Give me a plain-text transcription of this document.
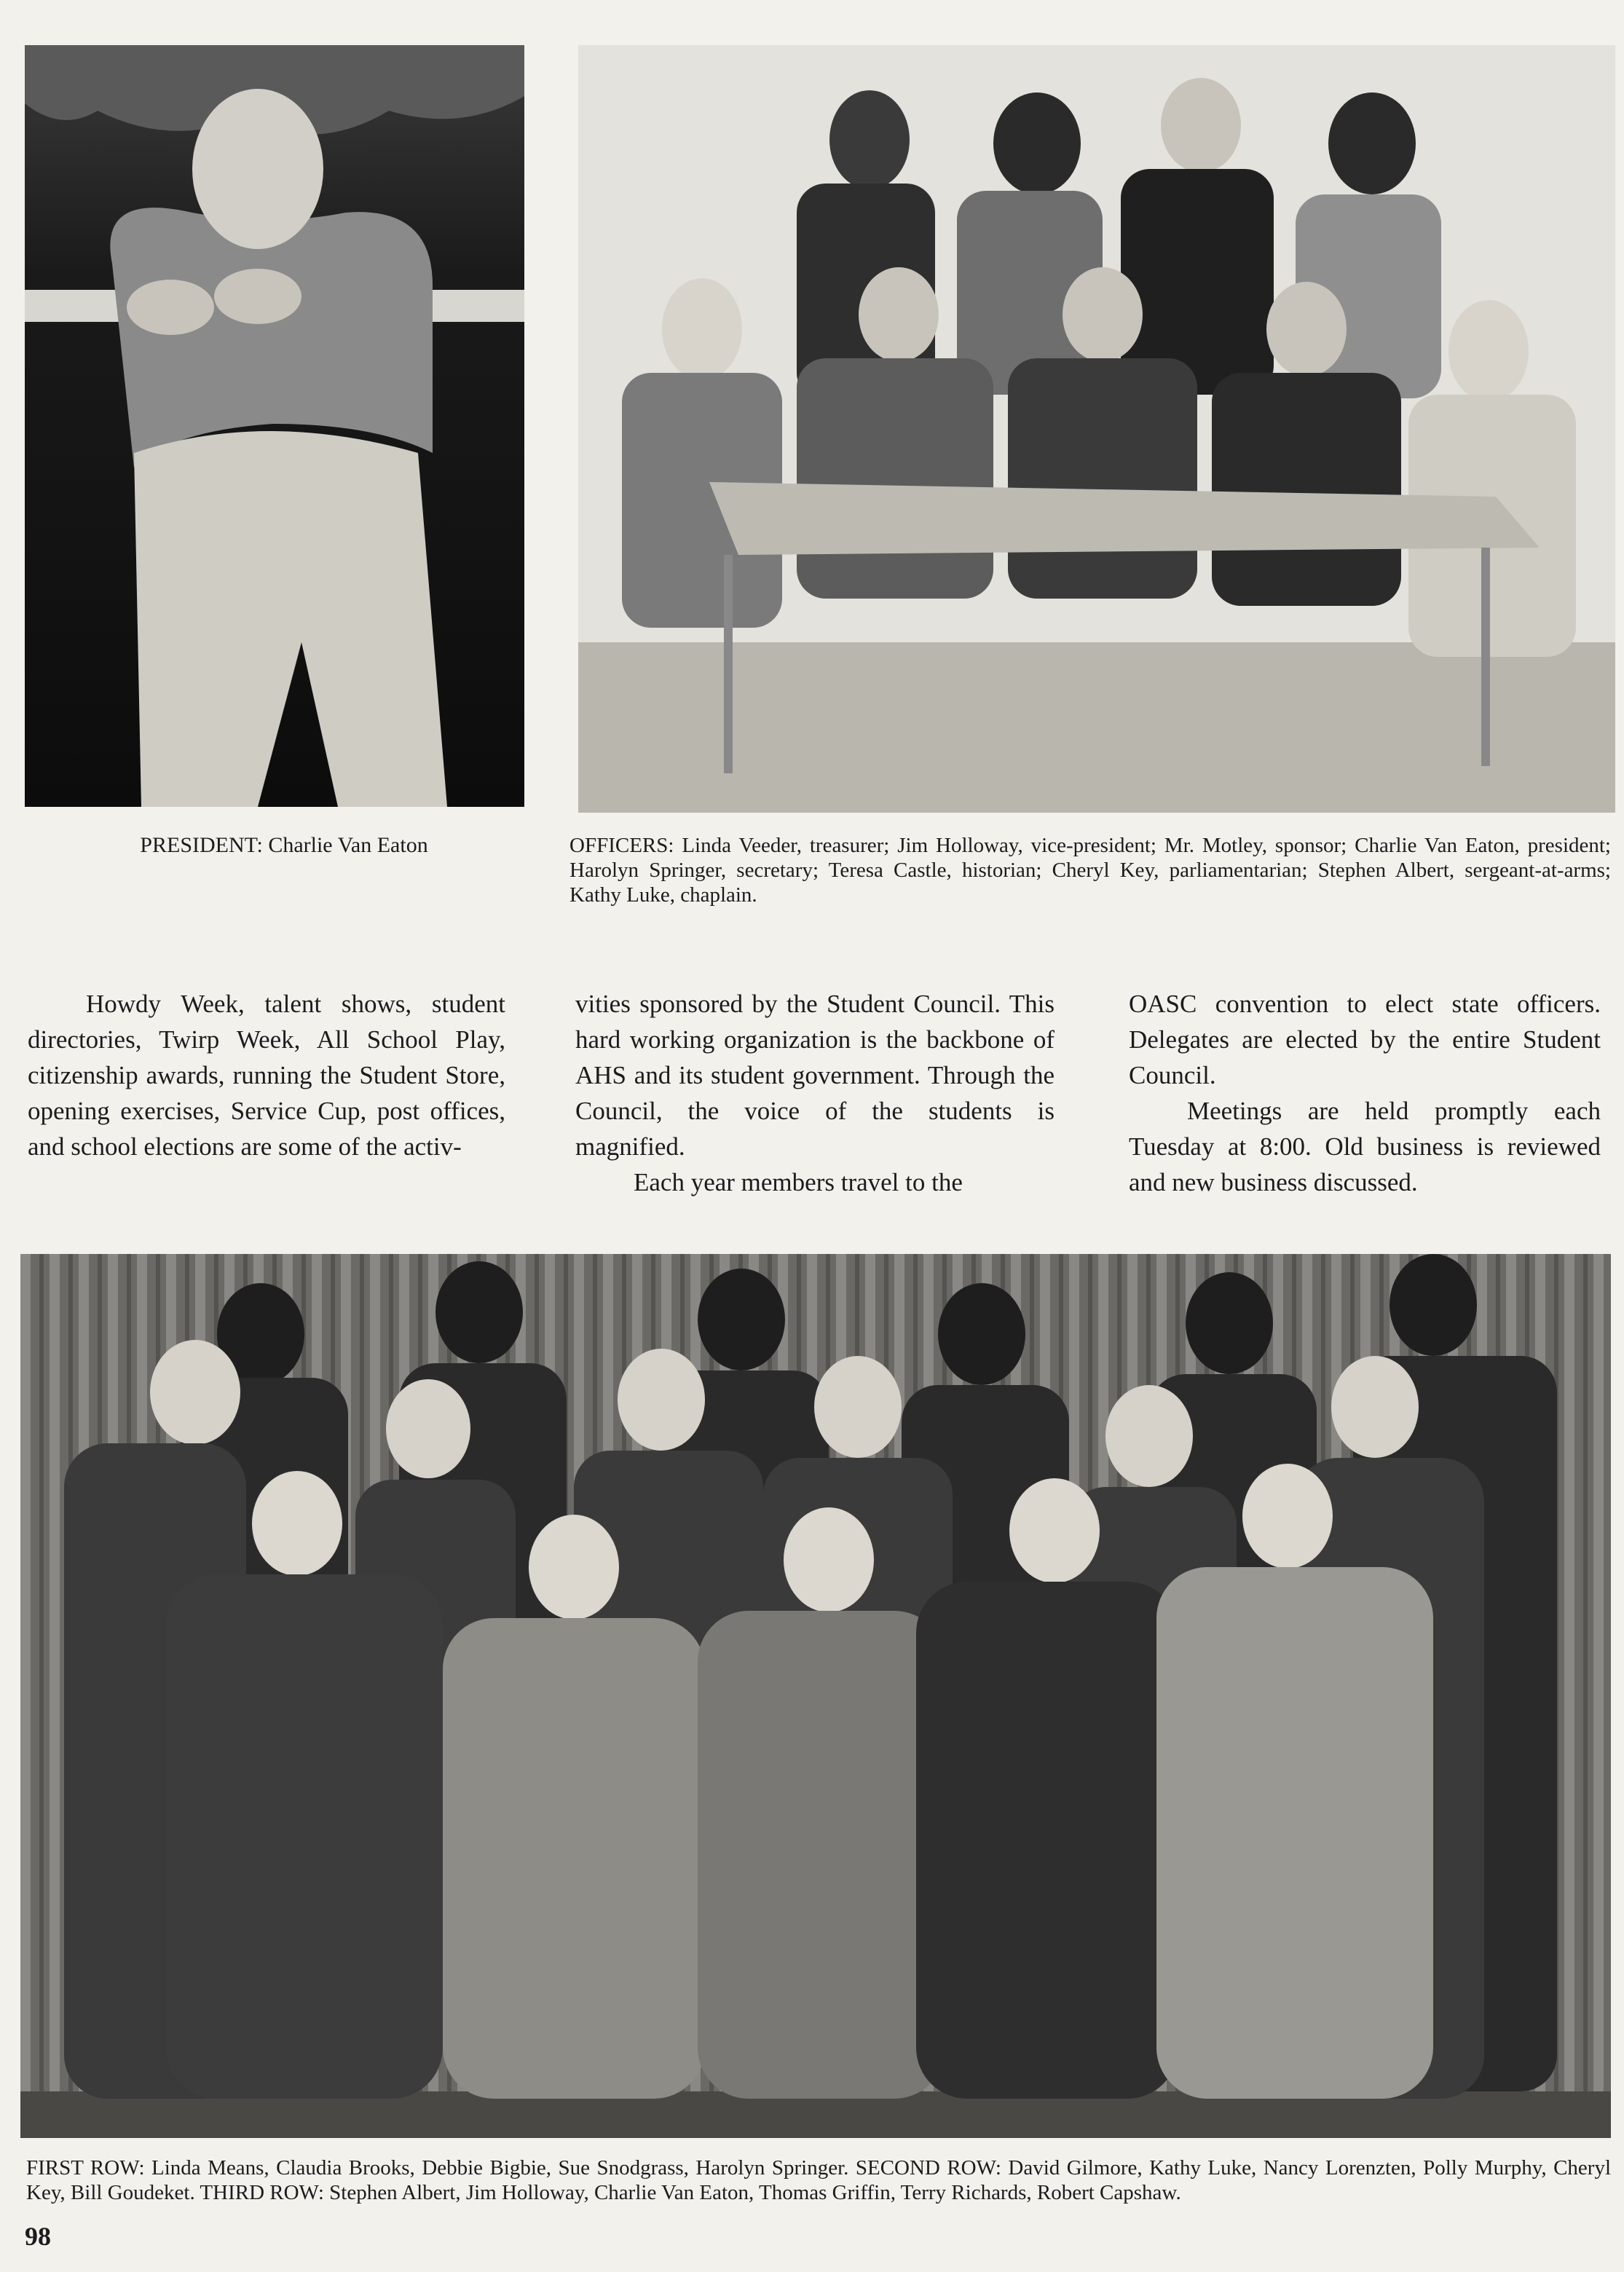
PRESIDENT: Charlie Van Eaton	OFFICERS: Linda Veeder, treasurer; Jim Holloway, vice-president; Mr. Motley, sponsor; Charlie Van Eaton, president; Harolyn Springer, secretary; Teresa Castle, historian; Cheryl Key, parliamentarian; Stephen Albert, sergeant-at-arms; Kathy Luke, chaplain.

Howdy Week, talent shows, student directories, Twirp Week, All School Play, citizenship awards, running the Student Store, opening exercises, Service Cup, post offices, and school elections are some of the activ-

vities sponsored by the Student Council. This hard working organization is the backbone of AHS and its student government. Through the Council, the voice of the students is magnified.

Each year members travel to the

OASC convention to elect state officers. Delegates are elected by the entire Student Council.

Meetings are held promptly each Tuesday at 8:00. Old business is reviewed and new business discussed.

FIRST ROW: Linda Means, Claudia Brooks, Debbie Bigbie, Sue Snodgrass, Harolyn Springer. SECOND ROW: David Gilmore, Kathy Luke, Nancy Lorenzten, Polly Murphy, Cheryl Key, Bill Goudeket. THIRD ROW: Stephen Albert, Jim Holloway, Charlie Van Eaton, Thomas Griffin, Terry Richards, Robert Capshaw.
98
